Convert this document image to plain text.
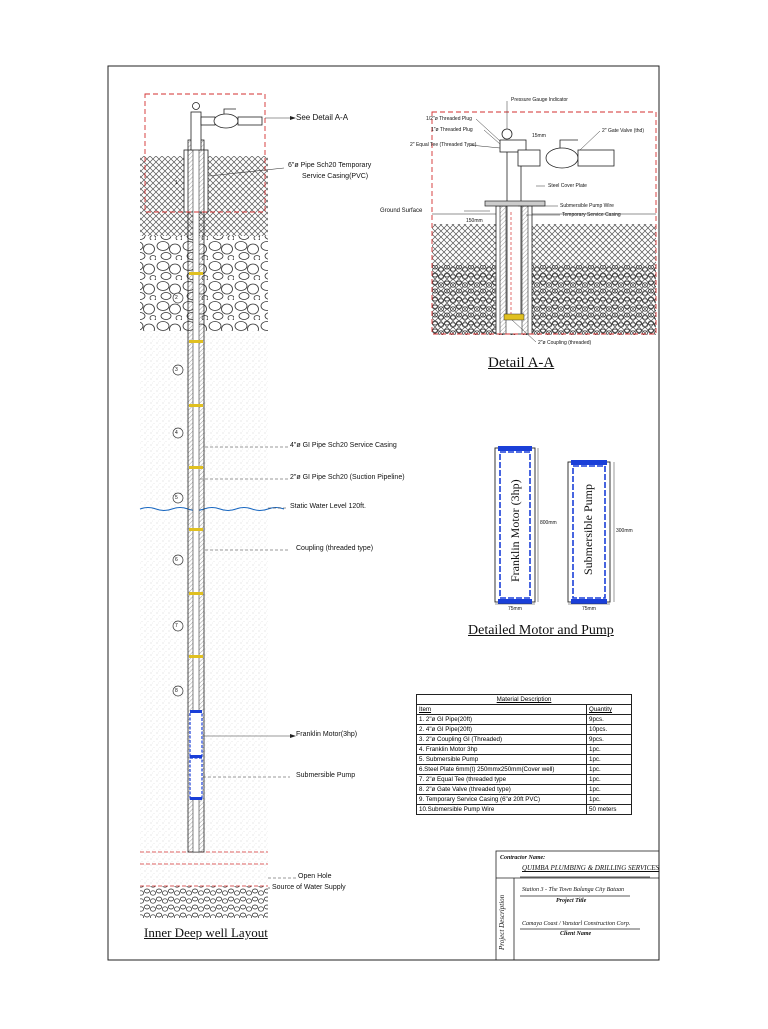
See Detail A-A
6"ø Pipe Sch20 Temporary
Service Casing(PVC)
4"ø GI Pipe Sch20 Service Casing
2"ø GI Pipe Sch20 (Suction Pipeline)
Static Water Level 120ft.
Coupling (threaded type)
Franklin Motor(3hp)
Submersible Pump
Open Hole
Source of Water Supply
2
3
4
5
6
7
8
1
Inner Deep well Layout
Detail A-A
Detailed Motor and Pump
Pressure Gauge Indicator
1/2"ø Threaded Plug
1"ø Threaded Plug
2" Equal Tee (Threaded Type)
2" Gate Valve (thd)
Steel Cover Plate
Ground Surface
Submersible Pump Wire
Temporary Service Casing
2"ø Coupling (threaded)
15mm
150mm
Franklin Motor (3hp)	Submersible Pump
800mm
300mm
75mm	75mm
Material Description	
Item	Quantity
1. 2"ø GI Pipe(20ft)	9pcs.
2. 4"ø GI Pipe(20ft)	10pcs.
3. 2"ø Coupling GI (Threaded)	9pcs.
4. Franklin Motor 3hp	1pc.
5. Submersible Pump	1pc.
6.Steel Plate 6mm(t) 250mmx250mm(Cover well)	1pc.
7. 2"ø Equal Tee (threaded type	1pc.
8. 2"ø Gate Valve (threaded type)	1pc.
9. Temporary Service Casing (6"ø 20ft PVC)	1pc.
10.Submersible Pump Wire	50 meters
Contractor Name:
QUIMBA PLUMBING & DRILLING SERVICES
Project Description
Station 3 - The Town Balanga City Bataan
Project Title
Camaya Coast / Vanstarl Construction Corp.
Client Name
